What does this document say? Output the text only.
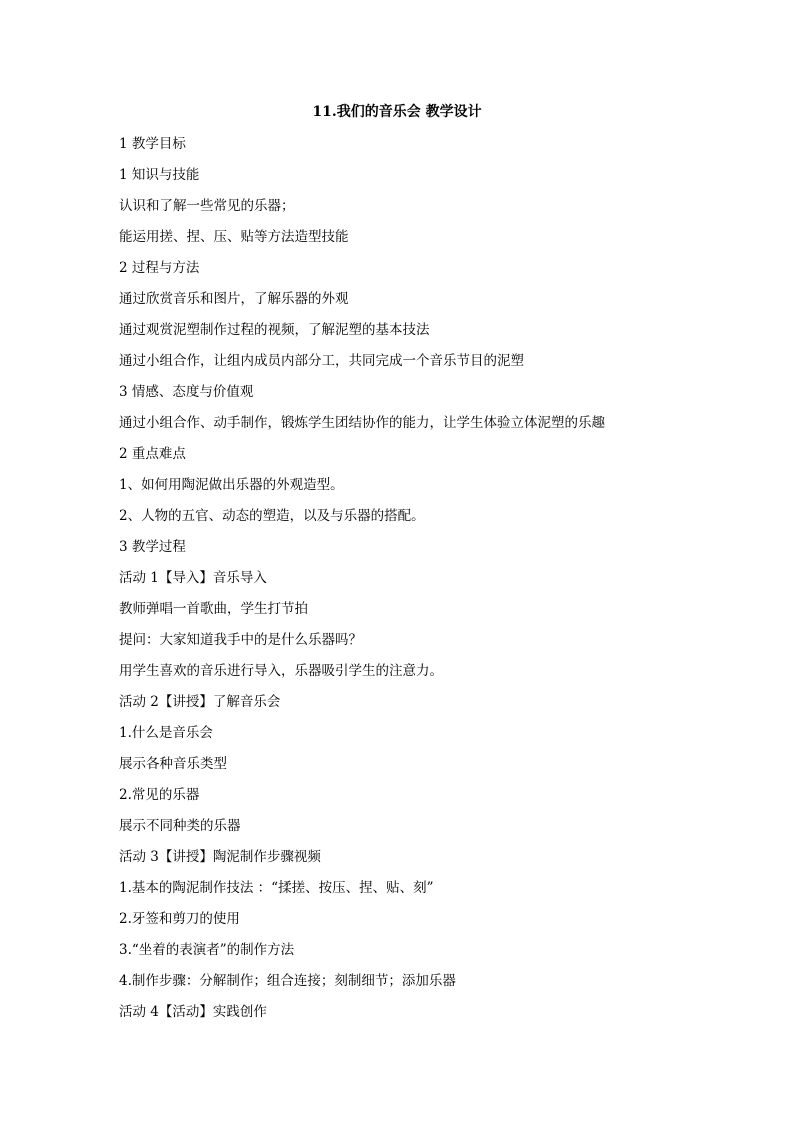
11.我们的音乐会 教学设计
1 教学目标
1 知识与技能
认识和了解一些常见的乐器；
能运用搓、捏、压、贴等方法造型技能
2 过程与方法
通过欣赏音乐和图片，了解乐器的外观
通过观赏泥塑制作过程的视频，了解泥塑的基本技法
通过小组合作，让组内成员内部分工，共同完成一个音乐节目的泥塑
3 情感、态度与价值观
通过小组合作、动手制作，锻炼学生团结协作的能力，让学生体验立体泥塑的乐趣
2 重点难点
1、如何用陶泥做出乐器的外观造型。
2、人物的五官、动态的塑造，以及与乐器的搭配。
3 教学过程
活动 1【导入】音乐导入
教师弹唱一首歌曲，学生打节拍
提问：大家知道我手中的是什么乐器吗？
用学生喜欢的音乐进行导入，乐器吸引学生的注意力。
活动 2【讲授】了解音乐会
1.什么是音乐会
展示各种音乐类型
2.常见的乐器
展示不同种类的乐器
活动 3【讲授】陶泥制作步骤视频
1.基本的陶泥制作技法 ：“揉搓、按压、捏、贴、刻”
2.牙签和剪刀的使用
3.“坐着的表演者”的制作方法
4.制作步骤：分解制作；组合连接；刻制细节；添加乐器
活动 4【活动】实践创作
